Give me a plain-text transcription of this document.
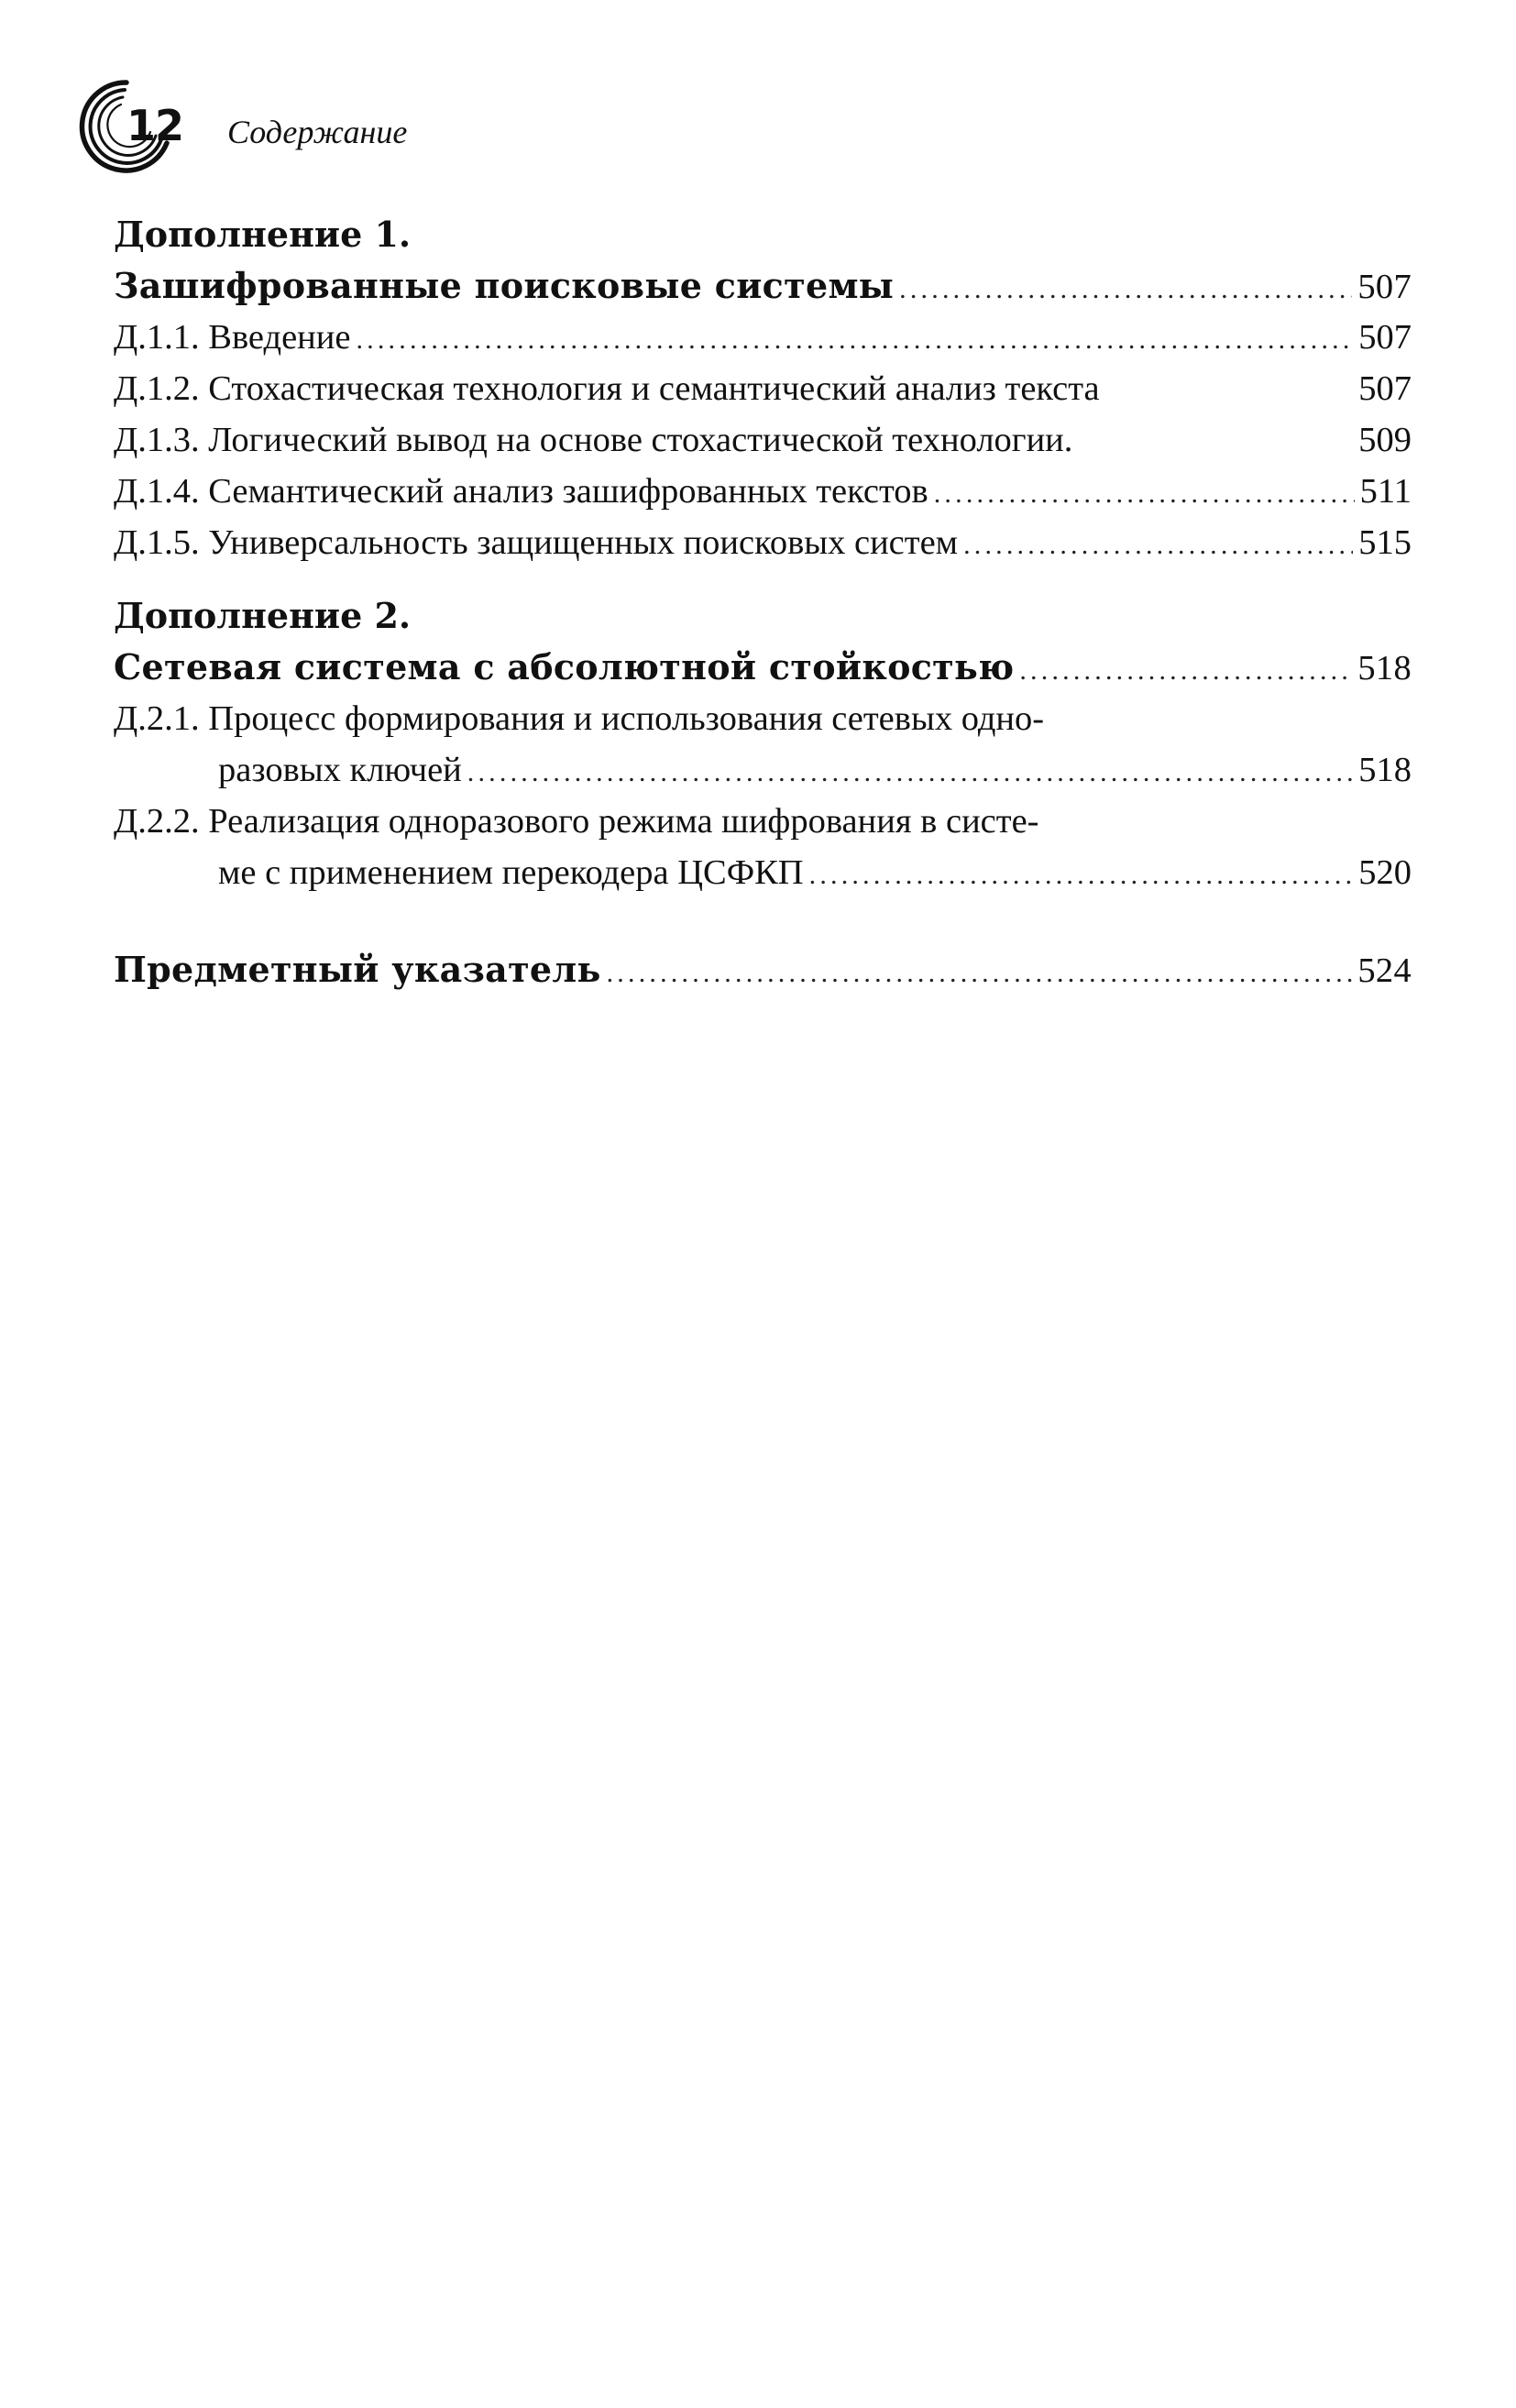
12 Содержание
Дополнение 1.
Зашифрованные поисковые системы .....	507
Д.1.1. Введение .....	507
Д.1.2. Стохастическая технология и семантический анализ текста	507
Д.1.3. Логический вывод на основе стохастической технологии.	509
Д.1.4. Семантический анализ зашифрованных текстов .....	511
Д.1.5. Универсальность защищенных поисковых систем .....	515
Дополнение 2.
Сетевая система с абсолютной стойкостью .....	518
Д.2.1. Процесс формирования и использования сетевых одно-
разовых ключей .....	518
Д.2.2. Реализация одноразового режима шифрования в систе-
ме с применением перекодера ЦСФКП .....	520
Предметный указатель .....	524
